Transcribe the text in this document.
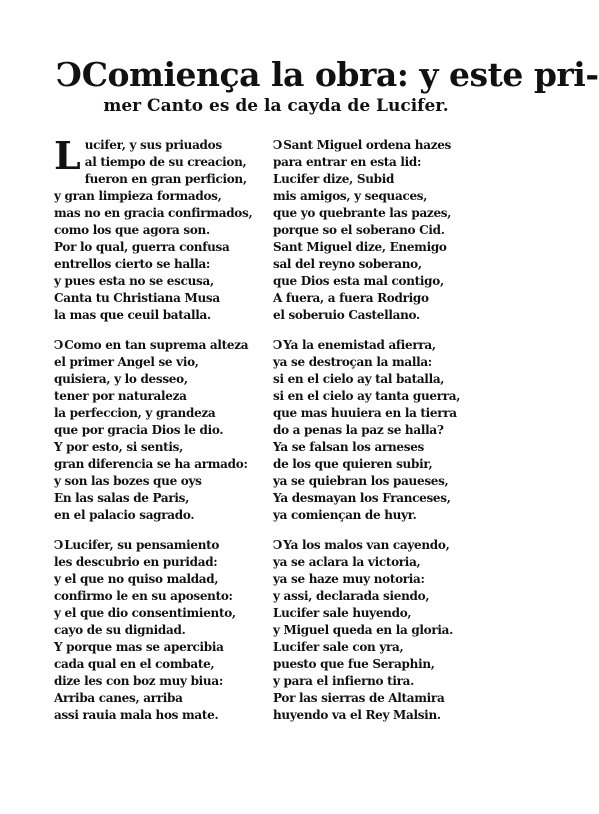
CComiença la obra: y este pri-
mer Canto es de la cayda de Lucifer.
L ucifer, y sus priuados
al tiempo de su creacion,
fueron en gran perficion,
y gran limpieza formados,
mas no en gracia confirmados,
como los que agora son.
Por lo qual, guerra confusa
entrellos cierto se halla:
y pues esta no se escusa,
Canta tu Christiana Musa
la mas que ceuil batalla.
CComo en tan suprema alteza
el primer Angel se vio,
quisiera, y lo desseo,
tener por naturaleza
la perfeccion, y grandeza
que por gracia Dios le dio.
Y por esto, si sentis,
gran diferencia se ha armado:
y son las bozes que oys
En las salas de Paris,
en el palacio sagrado.
CLucifer, su pensamiento
les descubrio en puridad:
y el que no quiso maldad,
confirmo le en su aposento:
y el que dio consentimiento,
cayo de su dignidad.
Y porque mas se apercibia
cada qual en el combate,
dize les con boz muy biua:
Arriba canes, arriba
assi rauia mala hos mate.
CSant Miguel ordena hazes
para entrar en esta lid:
Lucifer dize, Subid
mis amigos, y sequaces,
que yo quebrante las pazes,
porque so el soberano Cid.
Sant Miguel dize, Enemigo
sal del reyno soberano,
que Dios esta mal contigo,
A fuera, a fuera Rodrigo
el soberuio Castellano.
CYa la enemistad afierra,
ya se destroçan la malla:
si en el cielo ay tal batalla,
si en el cielo ay tanta guerra,
que mas huuiera en la tierra
do a penas la paz se halla?
Ya se falsan los arneses
de los que quieren subir,
ya se quiebran los paueses,
Ya desmayan los Franceses,
ya comiençan de huyr.
CYa los malos van cayendo,
ya se aclara la victoria,
ya se haze muy notoria:
y assi, declarada siendo,
Lucifer sale huyendo,
y Miguel queda en la gloria.
Lucifer sale con yra,
puesto que fue Seraphin,
y para el infierno tira.
Por las sierras de Altamira
huyendo va el Rey Malsin.
